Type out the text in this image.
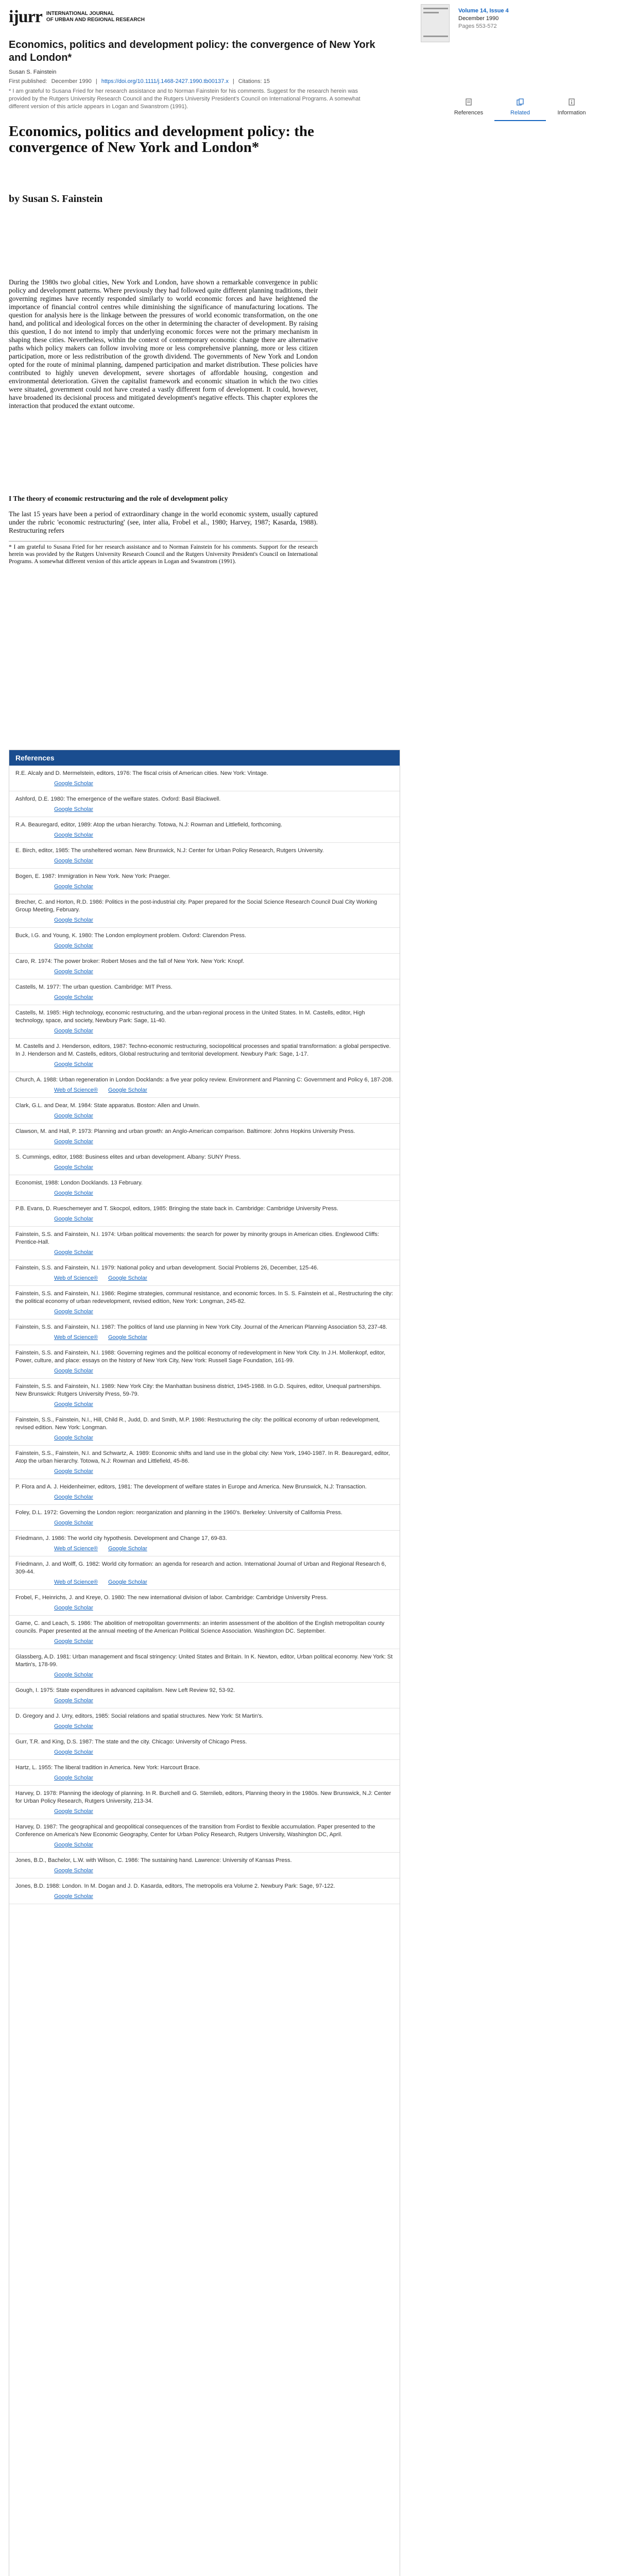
ijurr INTERNATIONAL JOURNAL
OF URBAN AND REGIONAL RESEARCH
Economics, politics and development policy: the convergence of New York and London*
Susan S. Fainstein
First published: December 1990 | https://doi.org/10.1111/j.1468-2427.1990.tb00137.x | Citations: 15
* I am grateful to Susana Fried for her research assistance and to Norman Fainstein for his comments. Suggest for the research herein was provided by the Rutgers University Research Council and the Rutgers University President's Council on International Programs. A somewhat different version of this article appears in Logan and Swanstrom (1991).
Volume 14, Issue 4
December 1990
Pages 553-572
References	Related	Information
Economics, politics and development policy: the convergence of New York and London*
by Susan S. Fainstein
During the 1980s two global cities, New York and London, have shown a remarkable convergence in public policy and development patterns. Where previously they had followed quite different planning traditions, their governing regimes have recently responded similarly to world economic forces and have heightened the importance of financial control centres while diminishing the significance of manufacturing locations. The question for analysis here is the linkage between the pressures of world economic transformation, on the one hand, and political and ideological forces on the other in determining the character of development. By raising this question, I do not intend to imply that underlying economic forces were not the primary mechanism in shaping these cities. Nevertheless, within the context of contemporary economic change there are alternative paths which policy makers can follow involving more or less comprehensive planning, more or less citizen participation, more or less redistribution of the growth dividend. The governments of New York and London opted for the route of minimal planning, dampened participation and market distribution. These policies have contributed to highly uneven development, severe shortages of affordable housing, congestion and environmental deterioration. Given the capitalist framework and economic situation in which the two cities were situated, government could not have created a vastly different form of development. It could, however, have broadened its decisional process and mitigated development's negative effects. This chapter explores the interaction that produced the extant outcome.
I The theory of economic restructuring and the role of development policy
The last 15 years have been a period of extraordinary change in the world economic system, usually captured under the rubric 'economic restructuring' (see, inter alia, Frobel et al., 1980; Harvey, 1987; Kasarda, 1988). Restructuring refers
* I am grateful to Susana Fried for her research assistance and to Norman Fainstein for his comments. Support for the research herein was provided by the Rutgers University Research Council and the Rutgers University President's Council on International Programs. A somewhat different version of this article appears in Logan and Swanstrom (1991).
References
R.E. Alcaly and D. Mermelstein, editors, 1976: The fiscal crisis of American cities. New York: Vintage.
Google Scholar
Ashford, D.E. 1980: The emergence of the welfare states. Oxford: Basil Blackwell.
Google Scholar
R.A. Beauregard, editor, 1989: Atop the urban hierarchy. Totowa, N.J: Rowman and Littlefield, forthcoming.
Google Scholar
E. Birch, editor, 1985: The unsheltered woman. New Brunswick, N.J: Center for Urban Policy Research, Rutgers University.
Google Scholar
Bogen, E. 1987: Immigration in New York. New York: Praeger.
Google Scholar
Brecher, C. and Horton, R.D. 1986: Politics in the post-industrial city. Paper prepared for the Social Science Research Council Dual City Working Group Meeting, February.
Google Scholar
Buck, I.G. and Young, K. 1980: The London employment problem. Oxford: Clarendon Press.
Google Scholar
Caro, R. 1974: The power broker: Robert Moses and the fall of New York. New York: Knopf.
Google Scholar
Castells, M. 1977: The urban question. Cambridge: MIT Press.
Google Scholar
Castells, M. 1985: High technology, economic restructuring, and the urban-regional process in the United States. In M. Castells, editor, High technology, space, and society, Newbury Park: Sage, 11-40.
Google Scholar
M. Castells and J. Henderson, editors, 1987: Techno-economic restructuring, sociopolitical processes and spatial transformation: a global perspective. In J. Henderson and M. Castells, editors, Global restructuring and territorial development. Newbury Park: Sage, 1-17.
Google Scholar
Church, A. 1988: Urban regeneration in London Docklands: a five year policy review. Environment and Planning C: Government and Policy 6, 187-208.
Web of Science® Google Scholar
Clark, G.L. and Dear, M. 1984: State apparatus. Boston: Allen and Unwin.
Google Scholar
Clawson, M. and Hall, P. 1973: Planning and urban growth: an Anglo-American comparison. Baltimore: Johns Hopkins University Press.
Google Scholar
S. Cummings, editor, 1988: Business elites and urban development. Albany: SUNY Press.
Google Scholar
Economist, 1988: London Docklands. 13 February.
Google Scholar
P.B. Evans, D. Rueschemeyer and T. Skocpol, editors, 1985: Bringing the state back in. Cambridge: Cambridge University Press.
Google Scholar
Fainstein, S.S. and Fainstein, N.I. 1974: Urban political movements: the search for power by minority groups in American cities. Englewood Cliffs: Prentice-Hall.
Google Scholar
Fainstein, S.S. and Fainstein, N.I. 1979: National policy and urban development. Social Problems 26, December, 125-46.
Web of Science® Google Scholar
Fainstein, S.S. and Fainstein, N.I. 1986: Regime strategies, communal resistance, and economic forces. In S. S. Fainstein et al., Restructuring the city: the political economy of urban redevelopment, revised edition, New York: Longman, 245-82.
Google Scholar
Fainstein, S.S. and Fainstein, N.I. 1987: The politics of land use planning in New York City. Journal of the American Planning Association 53, 237-48.
Web of Science® Google Scholar
Fainstein, S.S. and Fainstein, N.I. 1988: Governing regimes and the political economy of redevelopment in New York City. In J.H. Mollenkopf, editor, Power, culture, and place: essays on the history of New York City, New York: Russell Sage Foundation, 161-99.
Google Scholar
Fainstein, S.S. and Fainstein, N.I. 1989: New York City: the Manhattan business district, 1945-1988. In G.D. Squires, editor, Unequal partnerships. New Brunswick: Rutgers University Press, 59-79.
Google Scholar
Fainstein, S.S., Fainstein, N.I., Hill, Child R., Judd, D. and Smith, M.P. 1986: Restructuring the city: the political economy of urban redevelopment, revised edition. New York: Longman.
Google Scholar
Fainstein, S.S., Fainstein, N.I. and Schwartz, A. 1989: Economic shifts and land use in the global city: New York, 1940-1987. In R. Beauregard, editor, Atop the urban hierarchy. Totowa, N.J: Rowman and Littlefield, 45-86.
Google Scholar
P. Flora and A. J. Heidenheimer, editors, 1981: The development of welfare states in Europe and America. New Brunswick, N.J: Transaction.
Google Scholar
Foley, D.L. 1972: Governing the London region: reorganization and planning in the 1960's. Berkeley: University of California Press.
Google Scholar
Friedmann, J. 1986: The world city hypothesis. Development and Change 17, 69-83.
Web of Science® Google Scholar
Friedmann, J. and Wolff, G. 1982: World city formation: an agenda for research and action. International Journal of Urban and Regional Research 6, 309-44.
Web of Science® Google Scholar
Frobel, F., Heinrichs, J. and Kreye, O. 1980: The new international division of labor. Cambridge: Cambridge University Press.
Google Scholar
Game, C. and Leach, S. 1986: The abolition of metropolitan governments: an interim assessment of the abolition of the English metropolitan county councils. Paper presented at the annual meeting of the American Political Science Association. Washington DC. September.
Google Scholar
Glassberg, A.D. 1981: Urban management and fiscal stringency: United States and Britain. In K. Newton, editor, Urban political economy. New York: St Martin's, 178-99.
Google Scholar
Gough, I. 1975: State expenditures in advanced capitalism. New Left Review 92, 53-92.
Google Scholar
D. Gregory and J. Urry, editors, 1985: Social relations and spatial structures. New York: St Martin's.
Google Scholar
Gurr, T.R. and King, D.S. 1987: The state and the city. Chicago: University of Chicago Press.
Google Scholar
Hartz, L. 1955: The liberal tradition in America. New York: Harcourt Brace.
Google Scholar
Harvey, D. 1978: Planning the ideology of planning. In R. Burchell and G. Sternlieb, editors, Planning theory in the 1980s. New Brunswick, N.J: Center for Urban Policy Research, Rutgers University, 213-34.
Google Scholar
Harvey, D. 1987: The geographical and geopolitical consequences of the transition from Fordist to flexible accumulation. Paper presented to the Conference on America's New Economic Geography, Center for Urban Policy Research, Rutgers University, Washington DC, April.
Google Scholar
Jones, B.D., Bachelor, L.W. with Wilson, C. 1986: The sustaining hand. Lawrence: University of Kansas Press.
Google Scholar
Jones, B.D. 1988: London. In M. Dogan and J. D. Kasarda, editors, The metropolis era Volume 2. Newbury Park: Sage, 97-122.
Google Scholar
